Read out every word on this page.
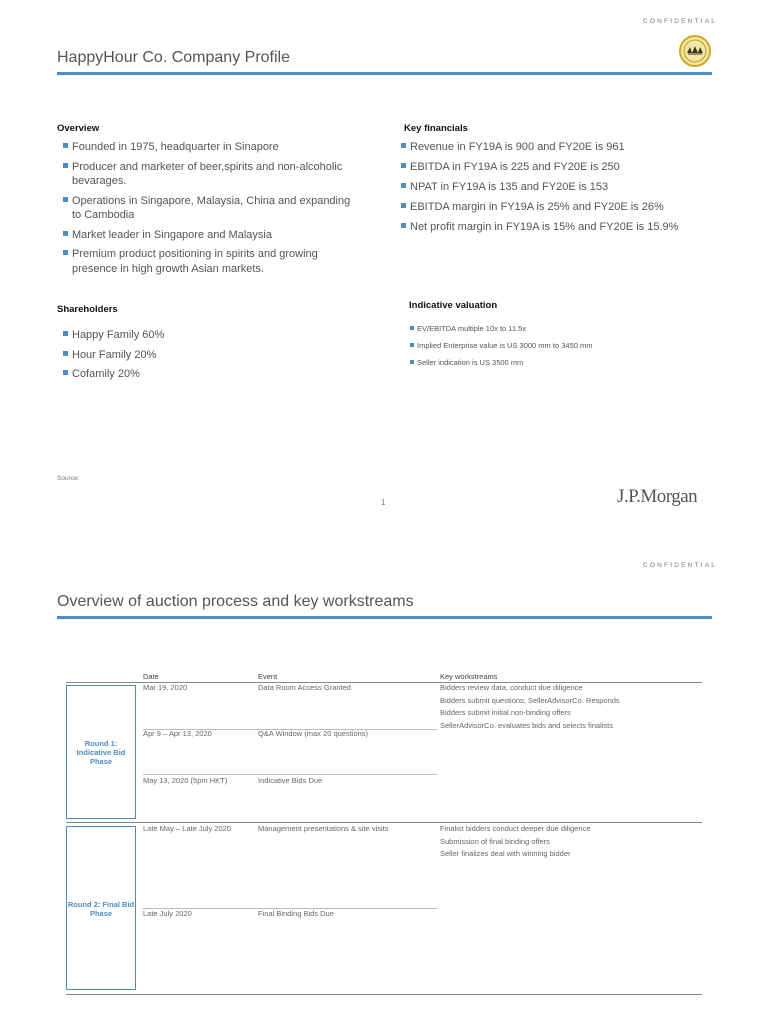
CONFIDENTIAL
HappyHour Co. Company Profile
Overview
Founded in 1975, headquarter in Sinapore
Producer and marketer of beer,spirits and non-alcoholic bevarages.
Operations in Singapore, Malaysia, China and expanding to Cambodia
Market leader in Singapore and Malaysia
Premium product positioning in spirits and growing presence in high growth Asian markets.
Key financials
Revenue in FY19A is 900 and FY20E is 961
EBITDA in FY19A is 225 and FY20E is 250
NPAT in FY19A is 135 and FY20E is 153
EBITDA margin in FY19A is 25% and FY20E is 26%
Net profit margin in FY19A is 15% and FY20E is 15.9%
Shareholders
Happy Family 60%
Hour Family 20%
Cofamily 20%
Indicative valuation
EV/EBITDA multiple 10x to 11.5x
Implied Enterprise value is US 3000 mm to 3450 mm
Seller indication is US 3500 mm
Source:
1	J.P.Morgan
CONFIDENTIAL
Overview of auction process and key workstreams
Date	Event	Key workstreams
Round 1: Indicative Bid Phase
Mar 19, 2020	Data Room Access Granted
Apr 9 – Apr 13, 2020	Q&A Window (max 20 questions)
May 13, 2020 (5pm HKT)	Indicative Bids Due
Bidders review data, conduct due diligence
Bidders submit questions; SellerAdvisorCo. Responds
Bidders submit initial non-binding offers
SellerAdvisorCo. evaluates bids and selects finalists
Round 2: Final Bid Phase
Late May – Late July 2020	Management presentations & site visits
Late July 2020	Final Binding Bids Due
Finalist bidders conduct deeper due diligence
Submission of final binding offers
Seller finalizes deal with winning bidder
